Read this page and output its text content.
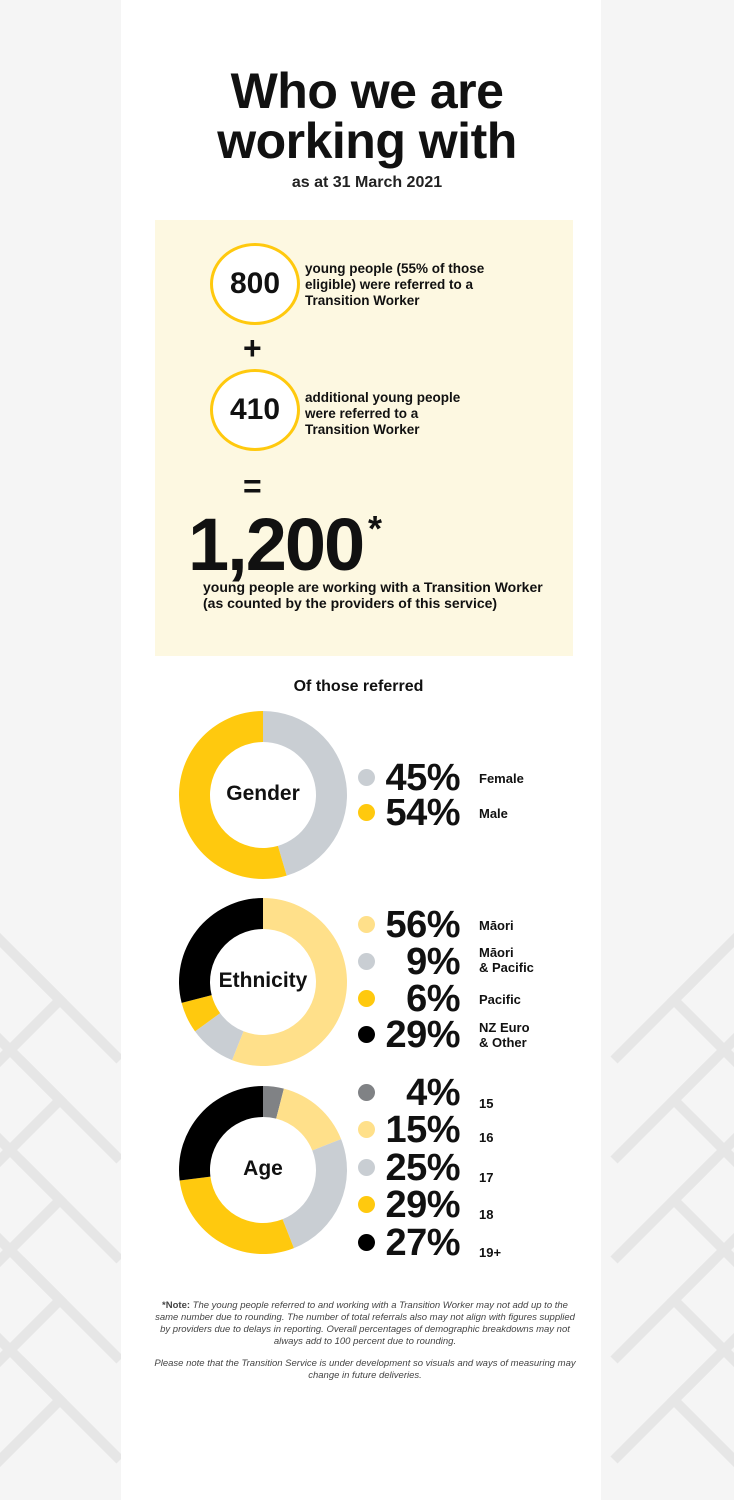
Who we are
working with
as at 31 March 2021
800 young people (55% of those eligible) were referred to a Transition Worker
+
410 additional young people were referred to a Transition Worker
=
1,200 *
young people are working with a Transition Worker (as counted by the providers of this service)
Of those referred
Gender	45% Female
54% Male
Ethnicity
56% Māori
9% Māori
& Pacific
6% Pacific
29% NZ Euro
& Other
Age
4% 15
15% 16
25% 17
29% 18
27% 19+

*Note: The young people referred to and working with a Transition Worker may not add up to the same number due to rounding. The number of total referrals also may not align with figures supplied by providers due to delays in reporting. Overall percentages of demographic breakdowns may not always add to 100 percent due to rounding.

Please note that the Transition Service is under development so visuals and ways of measuring may change in future deliveries.
